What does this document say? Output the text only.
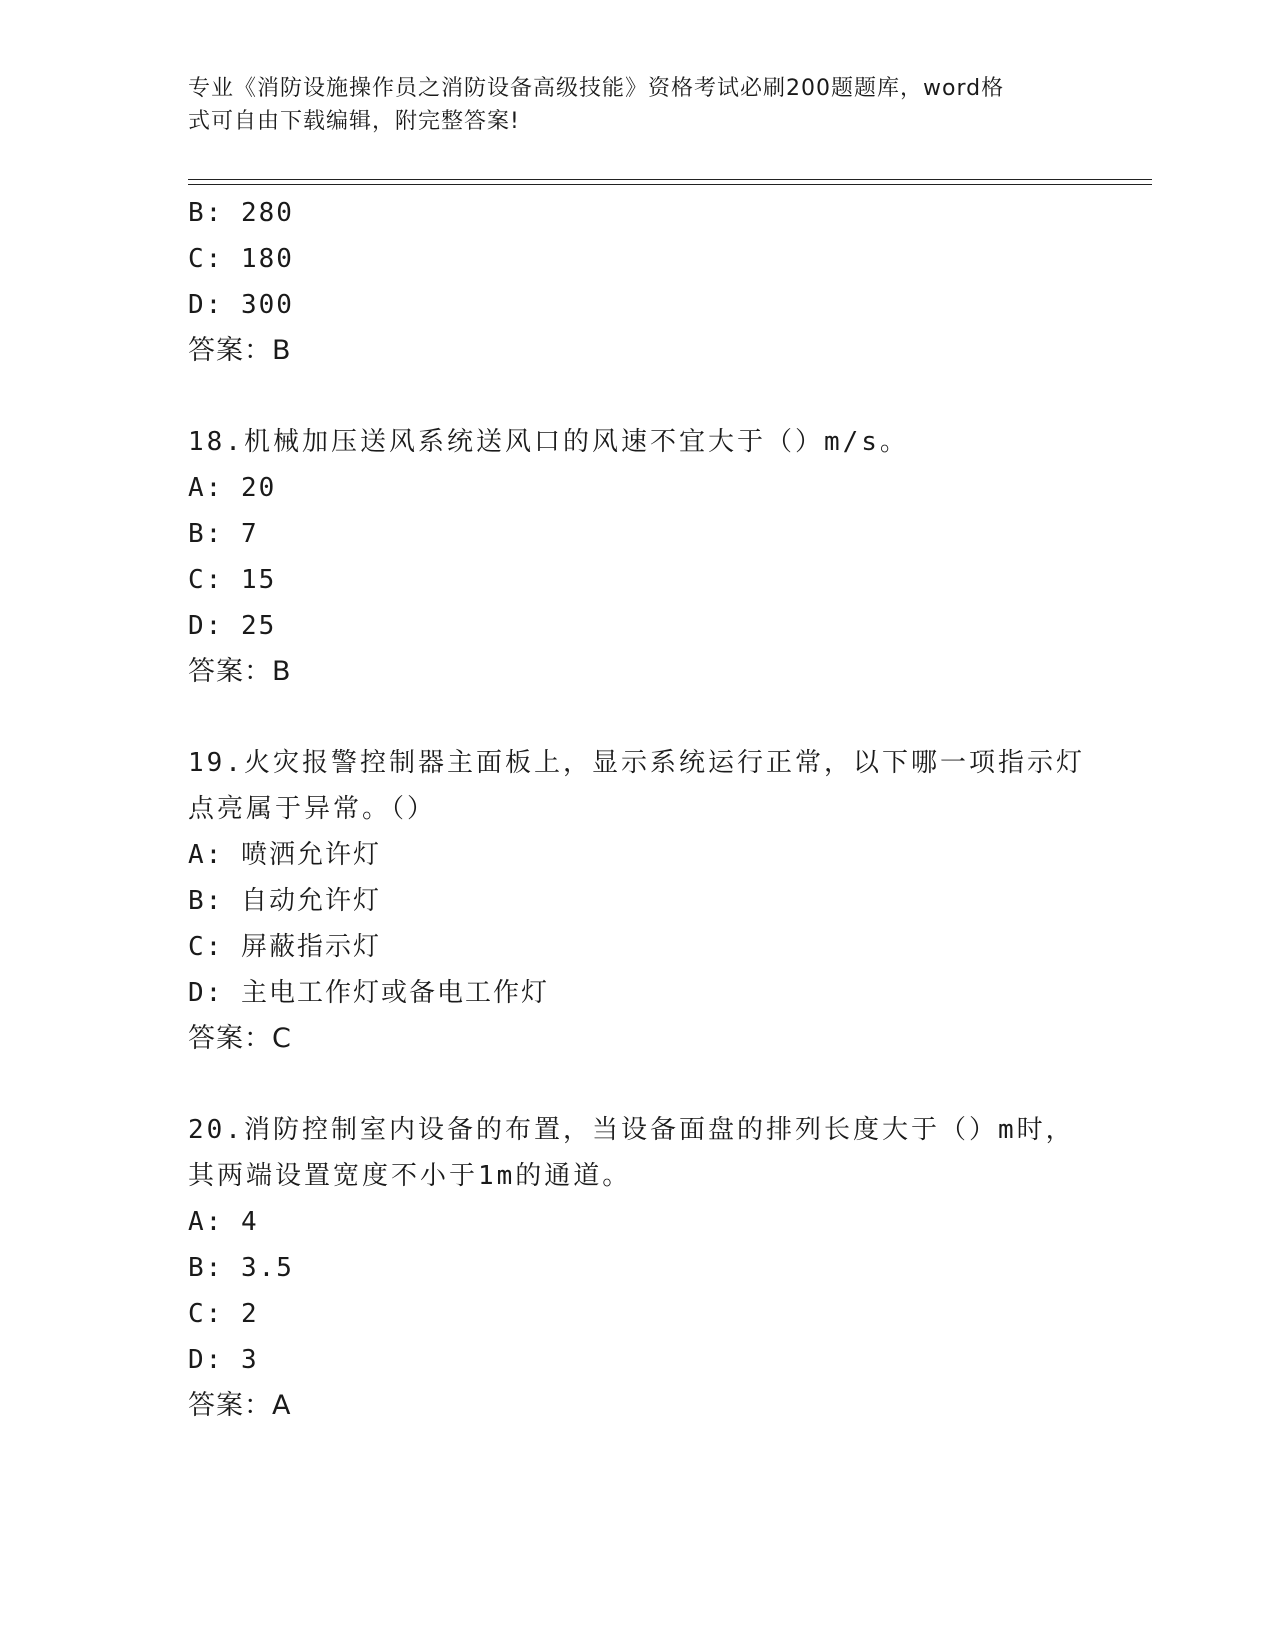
专业《消防设施操作员之消防设备高级技能》资格考试必刷200题题库，word格
式可自由下载编辑，附完整答案!
B: 280
C: 180
D: 300
答案：B
18.机械加压送风系统送风口的风速不宜大于（）m/s。
A: 20
B: 7
C: 15
D: 25
答案：B
19.火灾报警控制器主面板上，显示系统运行正常，以下哪一项指示灯
点亮属于异常。（）
A: 喷洒允许灯
B: 自动允许灯
C: 屏蔽指示灯
D: 主电工作灯或备电工作灯
答案：C
20.消防控制室内设备的布置，当设备面盘的排列长度大于（）m时，
其两端设置宽度不小于1m的通道。
A: 4
B: 3.5
C: 2
D: 3
答案：A
